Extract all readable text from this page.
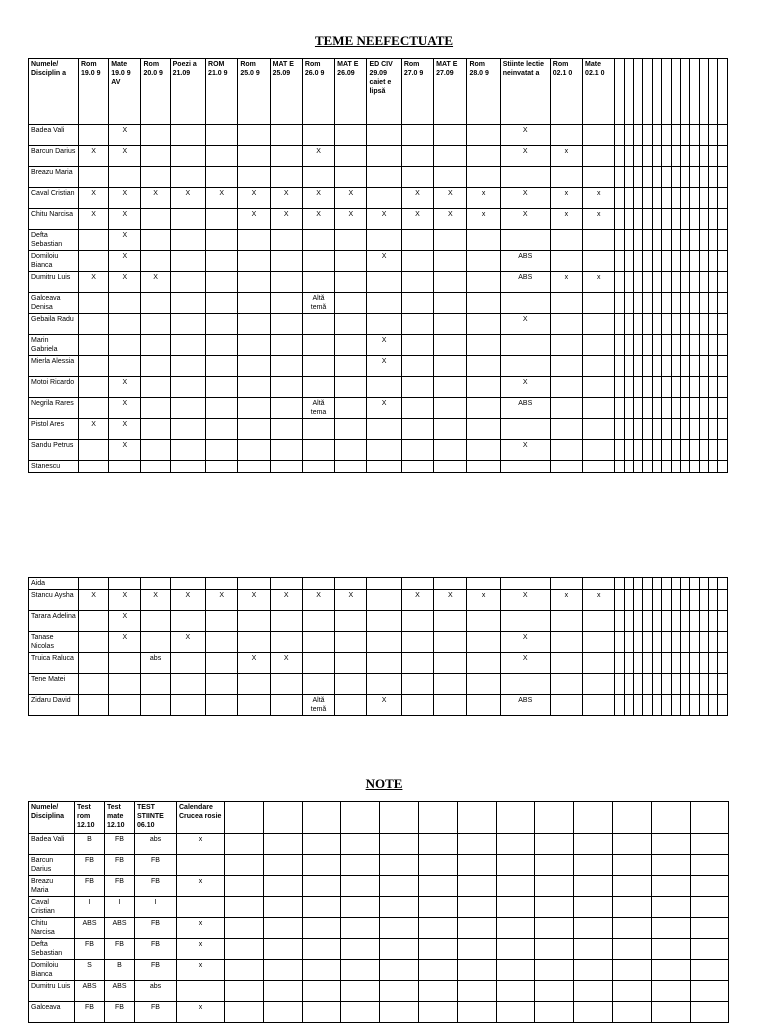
TEME NEEFECTUATE
Numele/ Disciplin a	Rom 19.0 9	Mate 19.0 9 AV	Rom 20.0 9	Poezi a 21.09	ROM 21.0 9	Rom 25.0 9	MAT E 25.09	Rom 26.0 9	MAT E 26.09	ED CIV 29.09 caiet e lipsă	Rom 27.0 9	MAT E 27.09	Rom 28.0 9	Stiinte lectie neinvatat a	Rom 02.1 0	Mate 02.1 0												
Badea Vali		X												X														
Barcun Darius	X	X						X						X	x													
Breazu Maria																												
Caval Cristian	X	X	X	X	X	X	X	X	X		X	X	x	X	x	x												
Chitu Narcisa	X	X				X	X	X	X	X	X	X	x	X	x	x												
Defta Sebastian		X																										
Domiloiu Bianca		X								X				ABS														
Dumitru Luis	X	X	X											ABS	x	x												
Galceava Denisa								Altă temă																				
Gebaila Radu														X														
Marin Gabriela										X																		
Mierla Alessia										X																		
Motoi Ricardo		X												X														
Negrila Rares		X						Altă tema		X				ABS														
Pistol Ares	X	X																										
Sandu Petrus		X												X														
Stanescu																												
Aida																												
Stancu Aysha	X	X	X	X	X	X	X	X	X		X	X	x	X	x	x												
Tarara Adelina		X																										
Tanase Nicolas		X		X										X														
Truica Raluca			abs			X	X							X														
Tene Matei																												
Zidaru David								Altă temă		X				ABS														
NOTE
Numele/ Disciplina	Test rom 12.10	Test mate 12.10	TEST STIINTE 06.10	Calendare Crucea rosie													
Badea Vali	B	FB	abs	x													
Barcun Darius	FB	FB	FB														
Breazu Maria	FB	FB	FB	x													
Caval Cristian	I	I	I														
Chitu Narcisa	ABS	ABS	FB	x													
Defta Sebastian	FB	FB	FB	x													
Domiloiu Bianca	S	B	FB	x													
Dumitru Luis	ABS	ABS	abs														
Galceava	FB	FB	FB	x													
